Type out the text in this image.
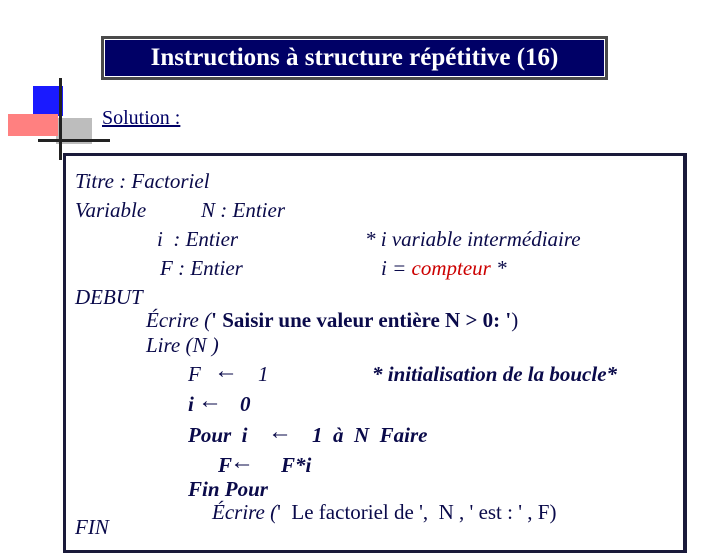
Instructions à structure répétitive (16)
Solution :
Titre : Factoriel
Variable	N : Entier
i  : Entier	* i variable intermédiaire
F : Entier	i = compteur *
DEBUT
Écrire (' Saisir une valeur entière N > 0: ')
Lire (N )
F ← 1	* initialisation de la boucle*
i ← 0
Pour  i ← 1  à  N  Faire
F
← F*i
Fin Pour
Écrire ('  Le factoriel de ',  N , ' est : ' , F)
FIN
